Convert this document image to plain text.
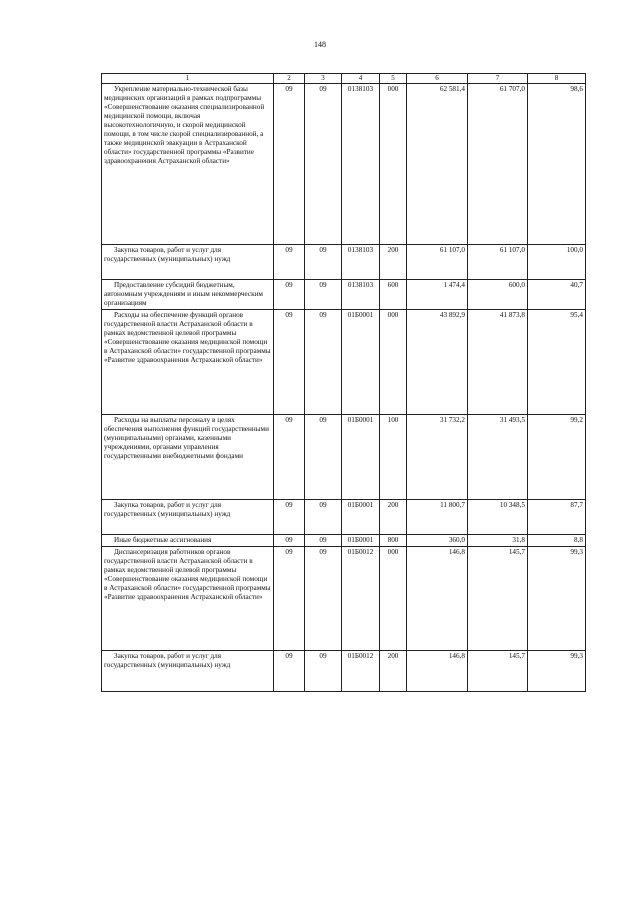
148
1	2	3	4	5	6	7	8
Укрепление материально-технической базы медицинских организаций в рамках подпрограммы «Совершенствование оказания специализированной медицинской помощи, включая высокотехнологичную, и скорой медицинской помощи, в том числе скорой специализированной, а также медицинской эвакуации в Астраханской области» государственной программы «Развитие здравоохранения Астраханской области»	09	09	0138103	000	62 581,4	61 707,0	98,6
Закупка товаров, работ и услуг для государственных (муниципальных) нужд	09	09	0138103	200	61 107,0	61 107,0	100,0
Предоставление субсидий бюджетным, автономным учреждениям и иным некоммерческим организациям	09	09	0138103	600	1 474,4	600,0	40,7
Расходы на обеспечение функций органов государственной власти Астраханской области в рамках ведомственной целевой программы «Совершенствование оказания медицинской помощи в Астраханской области» государственной программы «Развитие здравоохранения Астраханской области»	09	09	01Б0001	000	43 892,9	41 873,8	95,4
Расходы на выплаты персоналу в целях обеспечения выполнения функций государственными (муниципальными) органами, казенными учреждениями, органами управления государственными внебюджетными фондами	09	09	01Б0001	100	31 732,2	31 493,5	99,2
Закупка товаров, работ и услуг для государственных (муниципальных) нужд	09	09	01Б0001	200	11 800,7	10 348,5	87,7
Иные бюджетные ассигнования	09	09	01Б0001	800	360,0	31,8	8,8
Диспансеризация работников органов государственной власти Астраханской области в рамках ведомственной целевой программы «Совершенствование оказания медицинской помощи в Астраханской области» государственной программы «Развитие здравоохранения Астраханской области»	09	09	01Б0012	000	146,8	145,7	99,3
Закупка товаров, работ и услуг для государственных (муниципальных) нужд	09	09	01Б0012	200	146,8	145,7	99,3
